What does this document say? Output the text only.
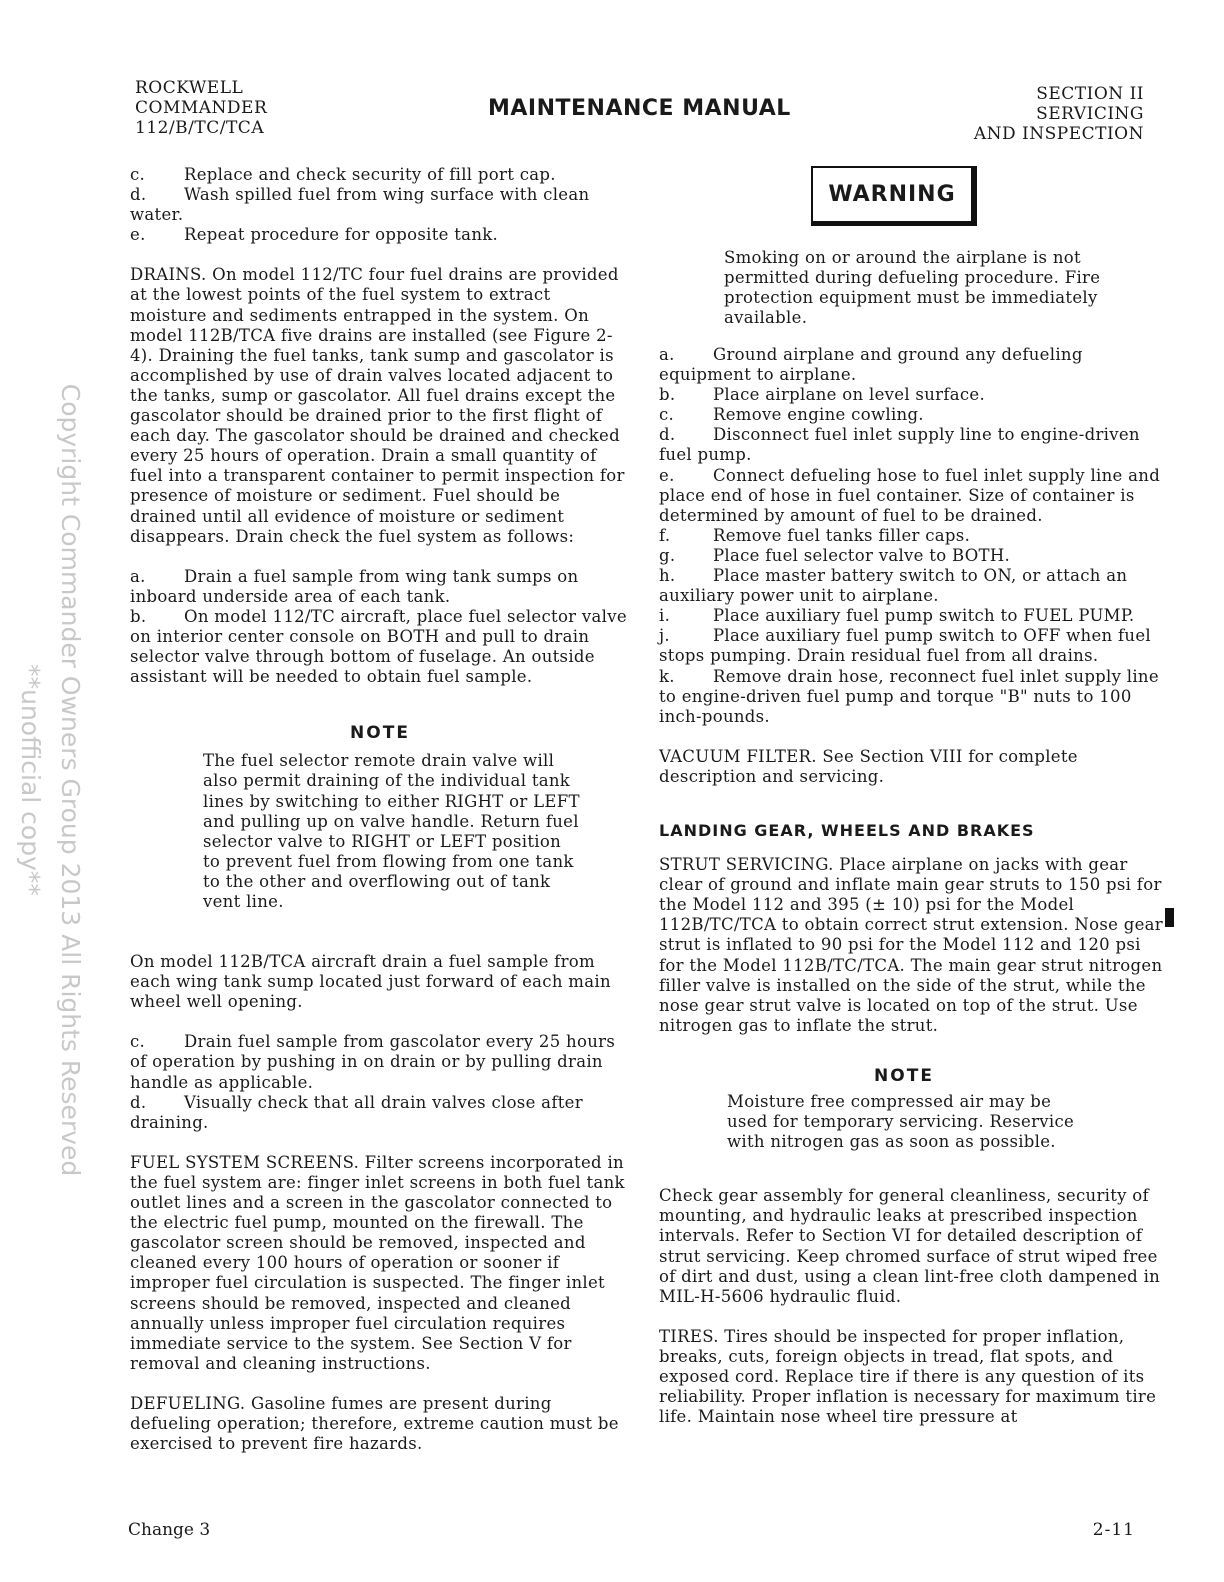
ROCKWELL
COMMANDER
112/B/TC/TCA
MAINTENANCE MANUAL
SECTION II
SERVICING
AND INSPECTION
Copyright Commander Owners Group 2013 All Rights Reserved
**unofficial copy**
c.	Replace and check security of fill port cap.

d. Wash spilled fuel from wing surface with clean water.

e.	Repeat procedure for opposite tank.

DRAINS. On model 112/TC four fuel drains are provided at the lowest points of the fuel system to extract moisture and sediments entrapped in the system. On model 112B/TCA five drains are installed (see Figure 2-4). Draining the fuel tanks, tank sump and gascolator is accomplished by use of drain valves located adjacent to the tanks, sump or gascolator. All fuel drains except the gascolator should be drained prior to the first flight of each day. The gascolator should be drained and checked every 25 hours of operation. Drain a small quantity of fuel into a transparent container to permit inspection for presence of moisture or sediment. Fuel should be drained until all evidence of moisture or sediment disappears. Drain check the fuel system as follows:

a. Drain a fuel sample from wing tank sumps on inboard underside area of each tank.

b. On model 112/TC aircraft, place fuel selector valve on interior center console on BOTH and pull to drain selector valve through bottom of fuselage. An outside assistant will be needed to obtain fuel sample.

NOTE

The fuel selector remote drain valve will also permit draining of the individual tank lines by switching to either RIGHT or LEFT and pulling up on valve handle. Return fuel selector valve to RIGHT or LEFT position to prevent fuel from flowing from one tank to the other and overflowing out of tank vent line.

On model 112B/TCA aircraft drain a fuel sample from each wing tank sump located just forward of each main wheel well opening.

c. Drain fuel sample from gascolator every 25 hours of operation by pushing in on drain or by pulling drain handle as applicable.

d. Visually check that all drain valves close after draining.

FUEL SYSTEM SCREENS. Filter screens incorporated in the fuel system are: finger inlet screens in both fuel tank outlet lines and a screen in the gascolator connected to the electric fuel pump, mounted on the firewall. The gascolator screen should be removed, inspected and cleaned every 100 hours of operation or sooner if improper fuel circulation is suspected. The finger inlet screens should be removed, inspected and cleaned annually unless improper fuel circulation requires immediate service to the system. See Section V for removal and cleaning instructions.

DEFUELING. Gasoline fumes are present during defueling operation; therefore, extreme caution must be exercised to prevent fire hazards.

WARNING

Smoking on or around the airplane is not permitted during defueling procedure. Fire protection equipment must be immediately available.

a. Ground airplane and ground any defueling equipment to airplane.

b. Place airplane on level surface.

c. Remove engine cowling.

d. Disconnect fuel inlet supply line to engine-driven fuel pump.

e. Connect defueling hose to fuel inlet supply line and place end of hose in fuel container. Size of container is determined by amount of fuel to be drained.

f.	Remove fuel tanks filler caps.

g. Place fuel selector valve to BOTH.

h. Place master battery switch to ON, or attach an auxiliary power unit to airplane.

i.	Place auxiliary fuel pump switch to FUEL PUMP.

j.	Place auxiliary fuel pump switch to OFF when fuel stops pumping. Drain residual fuel from all drains.

k. Remove drain hose, reconnect fuel inlet supply line to engine-driven fuel pump and torque "B" nuts to 100 inch-pounds.

VACUUM FILTER. See Section VIII for complete description and servicing.

LANDING GEAR, WHEELS AND BRAKES

STRUT SERVICING. Place airplane on jacks with gear clear of ground and inflate main gear struts to 150 psi for the Model 112 and 395 (± 10) psi for the Model 112B/TC/TCA to obtain correct strut extension. Nose gear strut is inflated to 90 psi for the Model 112 and 120 psi for the Model 112B/TC/TCA. The main gear strut nitrogen filler valve is installed on the side of the strut, while the nose gear strut valve is located on top of the strut. Use nitrogen gas to inflate the strut.

NOTE

Moisture free compressed air may be used for temporary servicing. Reservice with nitrogen gas as soon as possible.

Check gear assembly for general cleanliness, security of mounting, and hydraulic leaks at prescribed inspection intervals. Refer to Section VI for detailed description of strut servicing. Keep chromed surface of strut wiped free of dirt and dust, using a clean lint-free cloth dampened in MIL-H-5606 hydraulic fluid.

TIRES. Tires should be inspected for proper inflation, breaks, cuts, foreign objects in tread, flat spots, and exposed cord. Replace tire if there is any question of its reliability. Proper inflation is necessary for maximum tire life. Maintain nose wheel tire pressure at

Change 3	2-11
